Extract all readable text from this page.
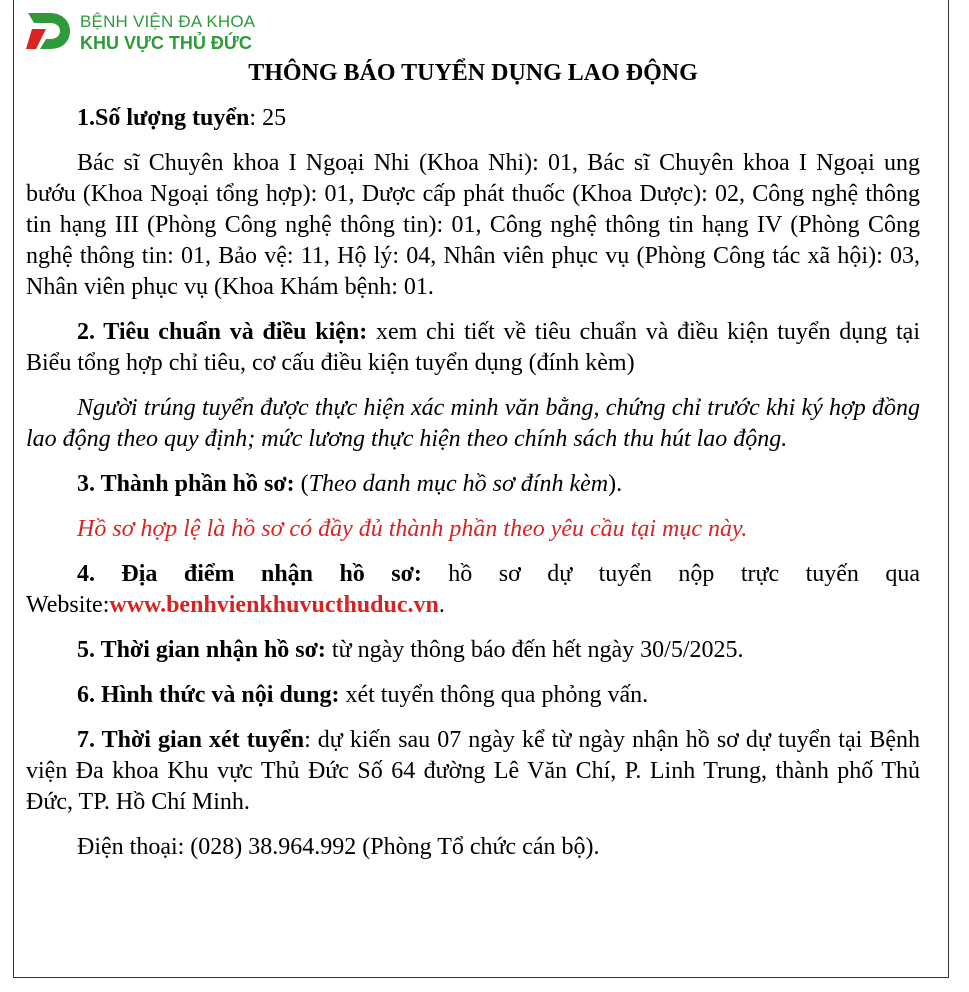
BỆNH VIỆN ĐA KHOA
KHU VỰC THỦ ĐỨC
THÔNG BÁO TUYỂN DỤNG LAO ĐỘNG

1.Số lượng tuyển: 25

Bác sĩ Chuyên khoa I Ngoại Nhi (Khoa Nhi): 01, Bác sĩ Chuyên khoa I Ngoại ung bướu (Khoa Ngoại tổng hợp): 01, Dược cấp phát thuốc (Khoa Dược): 02, Công nghệ thông tin hạng III (Phòng Công nghệ thông tin): 01, Công nghệ thông tin hạng IV (Phòng Công nghệ thông tin: 01, Bảo vệ: 11, Hộ lý: 04, Nhân viên phục vụ (Phòng Công tác xã hội): 03, Nhân viên phục vụ (Khoa Khám bệnh: 01.

2. Tiêu chuẩn và điều kiện: xem chi tiết về tiêu chuẩn và điều kiện tuyển dụng tại Biểu tổng hợp chỉ tiêu, cơ cấu điều kiện tuyển dụng (đính kèm)

Người trúng tuyển được thực hiện xác minh văn bằng, chứng chỉ trước khi ký hợp đồng lao động theo quy định; mức lương thực hiện theo chính sách thu hút lao động.

3. Thành phần hồ sơ: (Theo danh mục hồ sơ đính kèm).

Hồ sơ hợp lệ là hồ sơ có đầy đủ thành phần theo yêu cầu tại mục này.

4. Địa điểm nhận hồ sơ: hồ sơ dự tuyển nộp trực tuyến qua Website:www.benhvienkhuvucthuduc.vn.

5. Thời gian nhận hồ sơ: từ ngày thông báo đến hết ngày 30/5/2025.

6. Hình thức và nội dung: xét tuyển thông qua phỏng vấn.

7. Thời gian xét tuyển: dự kiến sau 07 ngày kể từ ngày nhận hồ sơ dự tuyển tại Bệnh viện Đa khoa Khu vực Thủ Đức Số 64 đường Lê Văn Chí, P. Linh Trung, thành phố Thủ Đức, TP. Hồ Chí Minh.

Điện thoại: (028) 38.964.992 (Phòng Tổ chức cán bộ).
